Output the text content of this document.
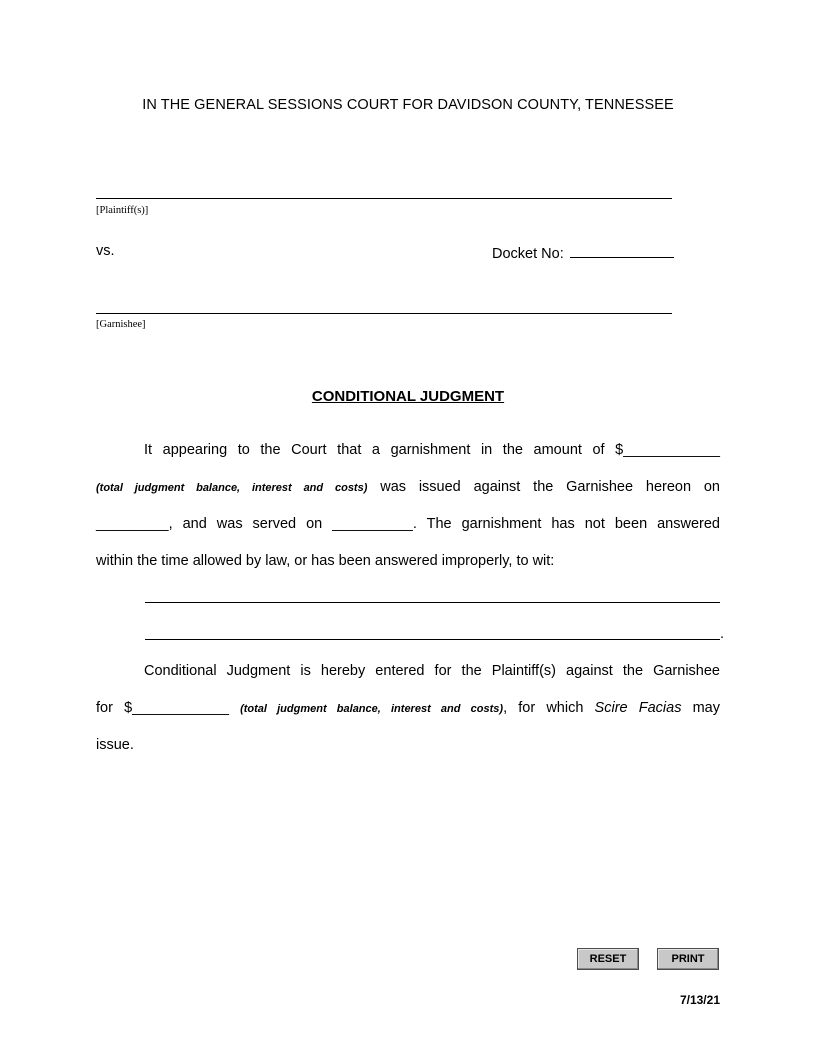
IN THE GENERAL SESSIONS COURT FOR DAVIDSON COUNTY, TENNESSEE
[Plaintiff(s)]
vs.	Docket No:
[Garnishee]
CONDITIONAL JUDGMENT
It appearing to the Court that a garnishment in the amount of $____________
(total judgment balance, interest and costs) was issued against the Garnishee hereon on
_________, and was served on __________. The garnishment has not been answered
within the time allowed by law, or has been answered improperly, to wit:
.
Conditional Judgment is hereby entered for the Plaintiff(s) against the Garnishee
for $____________ (total judgment balance, interest and costs), for which Scire Facias may
issue.
RESET	PRINT
7/13/21
